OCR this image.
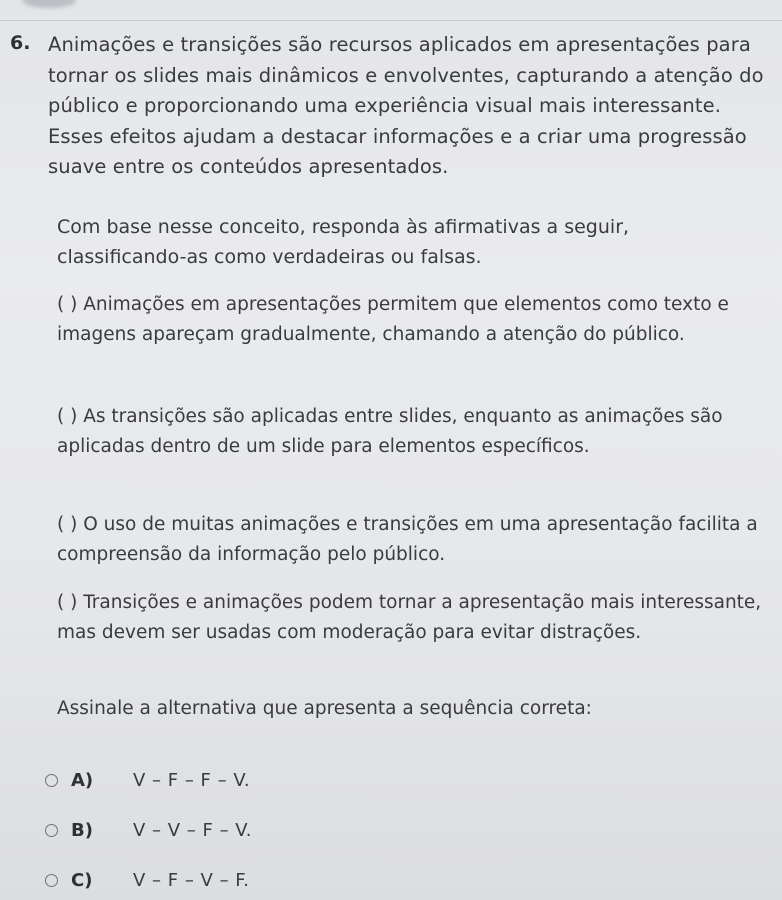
6. Animações e transições são recursos aplicados em apresentações para tornar os slides mais dinâmicos e envolventes, capturando a atenção do público e proporcionando uma experiência visual mais interessante. Esses efeitos ajudam a destacar informações e a criar uma progressão suave entre os conteúdos apresentados.

Com base nesse conceito, responda às afirmativas a seguir, classificando-as como verdadeiras ou falsas.

( ) Animações em apresentações permitem que elementos como texto e imagens apareçam gradualmente, chamando a atenção do público.

( ) As transições são aplicadas entre slides, enquanto as animações são aplicadas dentro de um slide para elementos específicos.

( ) O uso de muitas animações e transições em uma apresentação facilita a compreensão da informação pelo público.

( ) Transições e animações podem tornar a apresentação mais interessante, mas devem ser usadas com moderação para evitar distrações.

Assinale a alternativa que apresenta a sequência correta:

A)	V – F – F – V.
B)	V – V – F – V.
C)	V – F – V – F.
